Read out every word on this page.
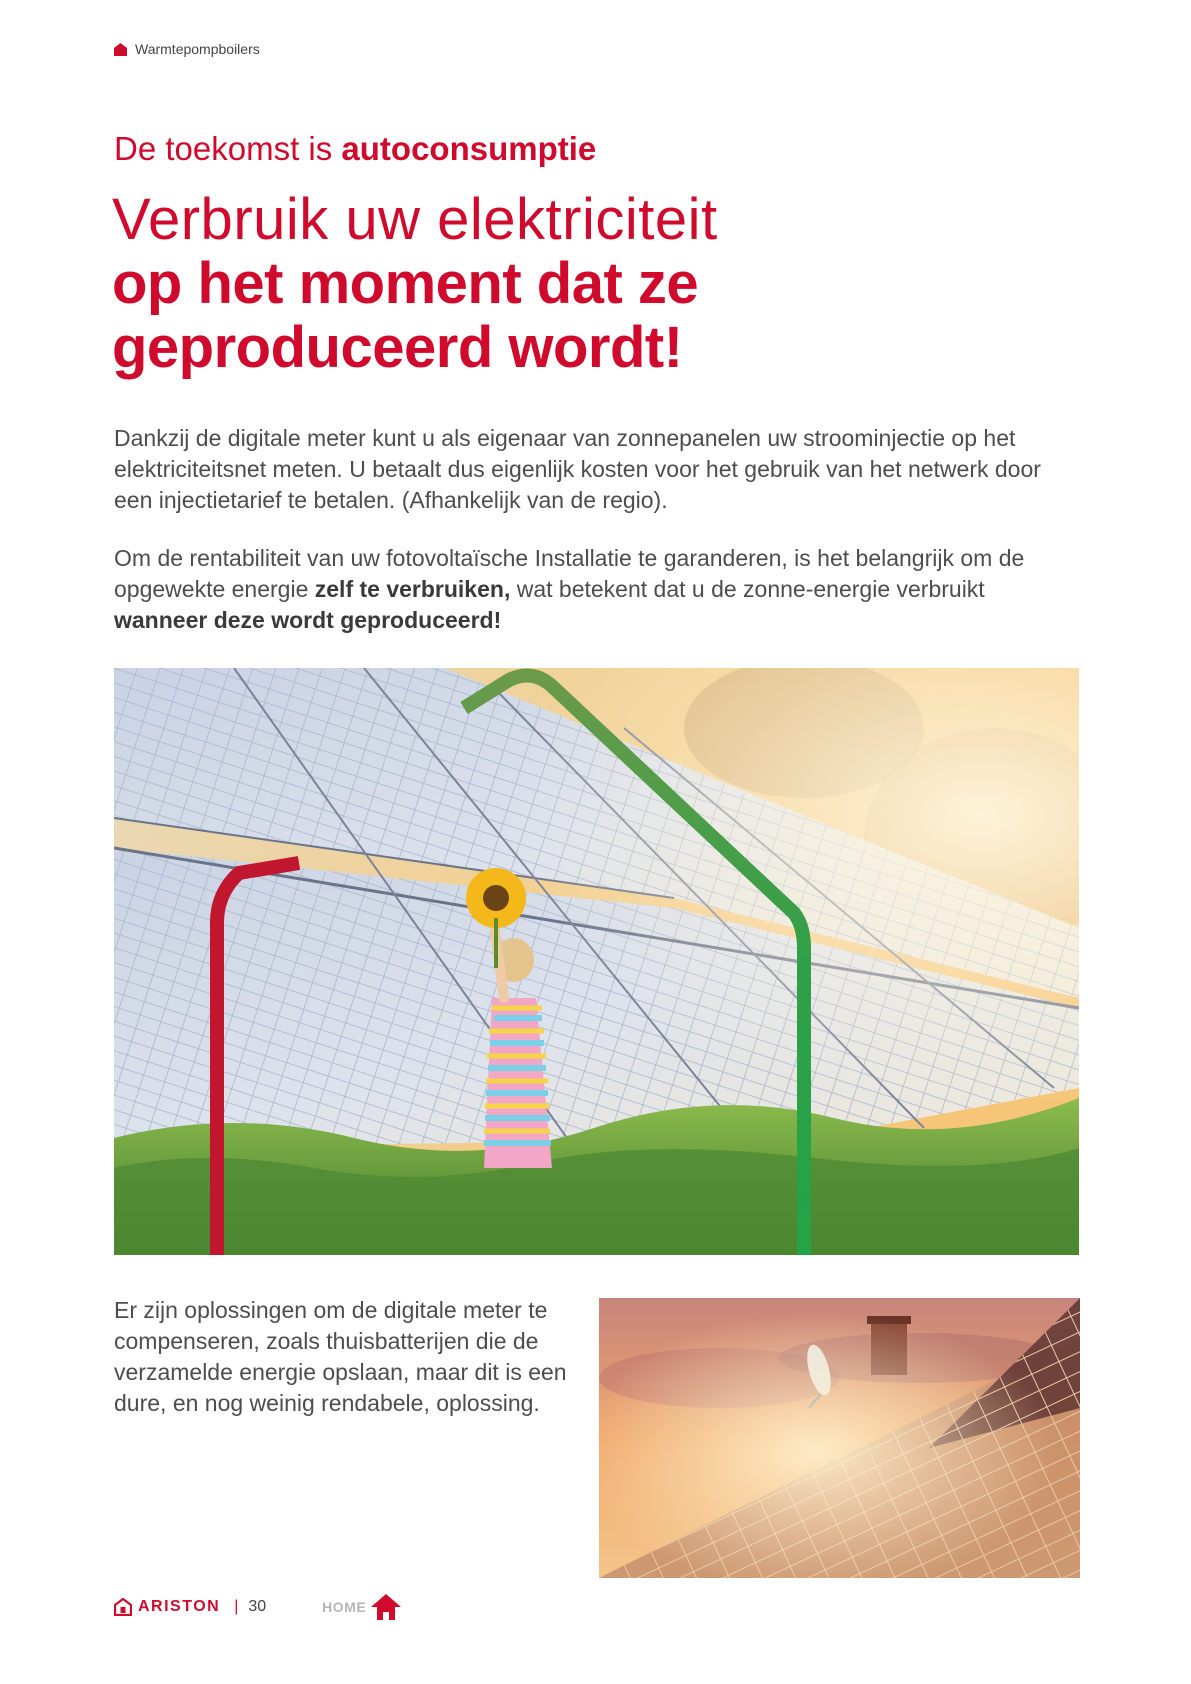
Warmtepompboilers
De toekomst is autoconsumptie
Verbruik uw elektriciteit
op het moment dat ze
geproduceerd wordt!

Dankzij de digitale meter kunt u als eigenaar van zonnepanelen uw stroominjectie op het elektriciteitsnet meten. U betaalt dus eigenlijk kosten voor het gebruik van het netwerk door een injectietarief te betalen. (Afhankelijk van de regio).

Om de rentabiliteit van uw fotovoltaïsche Installatie te garanderen, is het belangrijk om de opgewekte energie zelf te verbruiken, wat betekent dat u de zonne-energie verbruikt wanneer deze wordt geproduceerd!

Er zijn oplossingen om de digitale meter te compenseren, zoals thuisbatterijen die de verzamelde energie opslaan, maar dit is een dure, en nog weinig rendabele, oplossing.

ARISTON | 30	HOME
